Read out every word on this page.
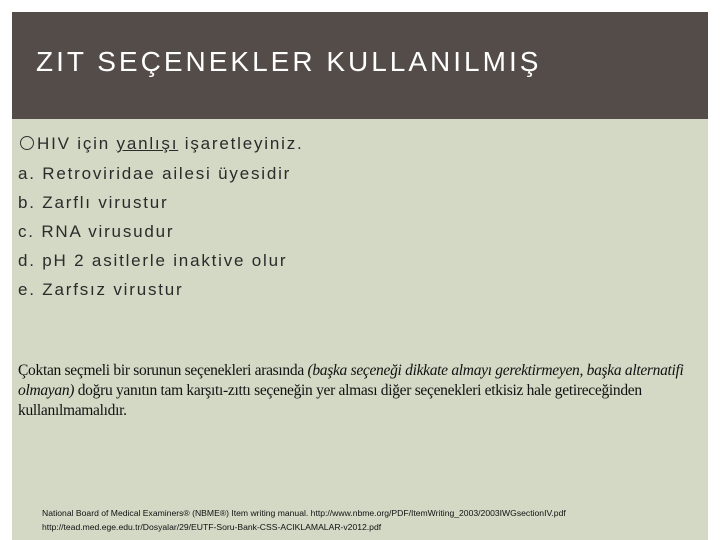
ZIT SEÇENEKLER KULLANILMIŞ
HIV için yanlışı işaretleyiniz.
a. Retroviridae ailesi üyesidir
b. Zarflı virustur
c. RNA virusudur
d. pH 2 asitlerle inaktive olur
e. Zarfsız virustur
Çoktan seçmeli bir sorunun seçenekleri arasında (başka seçeneği dikkate almayı gerektirmeyen, başka alternatifi olmayan) doğru yanıtın tam karşıtı-zıttı seçeneğin yer alması diğer seçenekleri etkisiz hale getireceğinden kullanılmamalıdır.
National Board of Medical Examiners® (NBME®) Item writing manual. http://www.nbme.org/PDF/ItemWriting_2003/2003IWGsectionIV.pdf
http://tead.med.ege.edu.tr/Dosyalar/29/EUTF-Soru-Bank-CSS-ACIKLAMALAR-v2012.pdf
